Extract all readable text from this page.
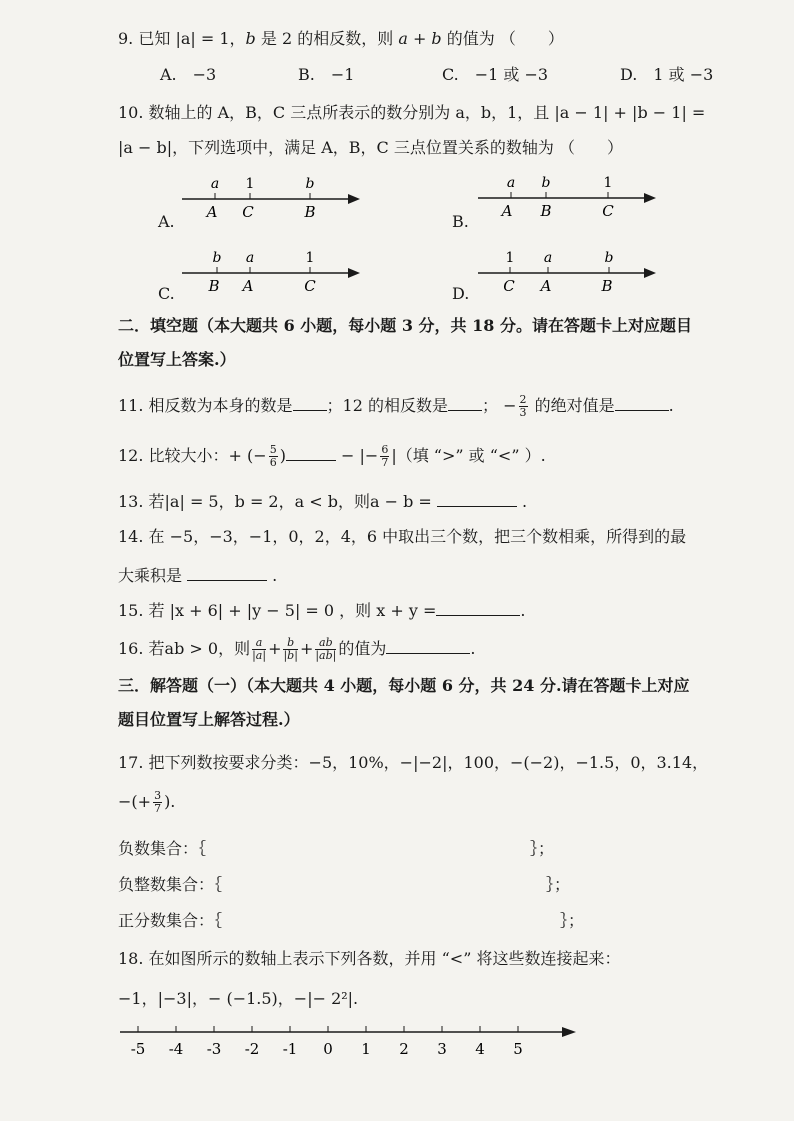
9. 已知 |a| = 1，b 是 2 的相反数，则 a + b 的值为 （　　）
A.　−3	B.　−1	C.　−1 或 −3	D.　1 或 −3
10. 数轴上的 A，B，C 三点所表示的数分别为 a，b，1，且 |a − 1| + |b − 1| =
|a − b|，下列选项中，满足 A，B，C 三点位置关系的数轴为 （　　）
A.
a 1	b
A C	B	B.
a b	1
A B	C
C.
b a	1
B A	C	D.
1 a	b
C A	B
二．填空题（本大题共 6 小题，每小题 3 分，共 18 分。请在答题卡上对应题目
位置写上答案.）
11. 相反数为本身的数是 ；12 的相反数是 ； − $\frac{2}{3}$ 的绝对值是	.
12. 比较大小：+ (− $\frac{5}{6}$ )	− |− $\frac{6}{7}$ |（填 “>” 或 “<” ）.
13. 若|a| = 5，b = 2，a < b，则a − b =	.
14. 在 −5，−3，−1，0，2，4，6 中取出三个数，把三个数相乘，所得到的最
大乘积是	.
15. 若 |x + 6| + |y − 5| = 0 ，则 x + y =	.
16. 若ab > 0，则 $\frac{a}{|a|} + \frac{b}{|b|} + \frac{ab}{|ab|}$ 的值为	.
三．解答题（一）（本大题共 4 小题，每小题 6 分，共 24 分.请在答题卡上对应
题目位置写上解答过程.）
17. 把下列数按要求分类：−5，10%，−|−2|，100，−(−2)，−1.5，0，3.14，
−(+ $\frac{3}{7}$ ).
负数集合：｛	｝；
负整数集合：｛	｝；
正分数集合：｛	｝；
18. 在如图所示的数轴上表示下列各数，并用 “<” 将这些数连接起来：
−1，|−3|，− (−1.5)，−|− 2²|.
-5 -4 -3 -2 -1 0 1 2 3 4 5
